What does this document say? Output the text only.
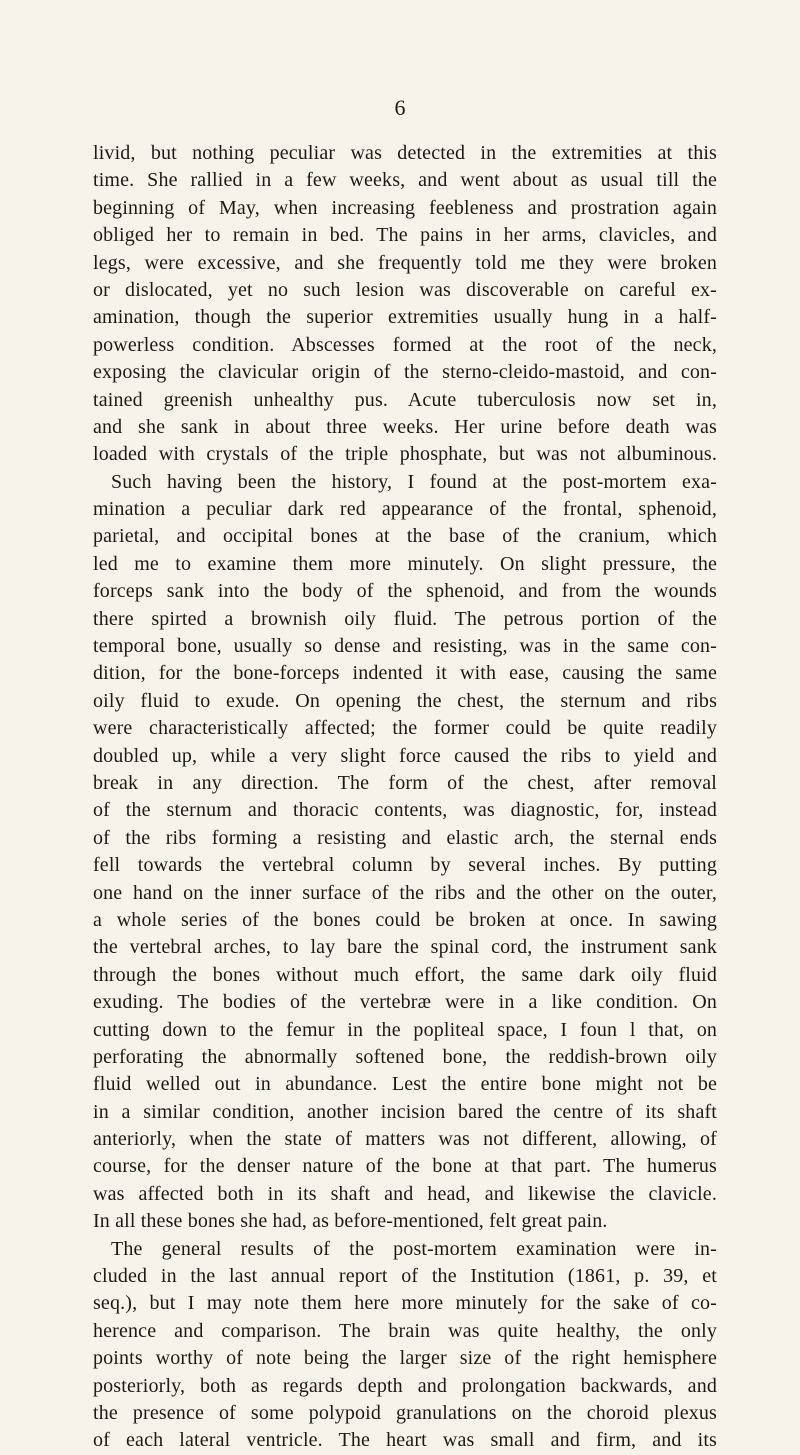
6
livid, but nothing peculiar was detected in the extremities at this
time. She rallied in a few weeks, and went about as usual till the
beginning of May, when increasing feebleness and prostration again
obliged her to remain in bed. The pains in her arms, clavicles, and
legs, were excessive, and she frequently told me they were broken
or dislocated, yet no such lesion was discoverable on careful ex-
amination, though the superior extremities usually hung in a half-
powerless condition. Abscesses formed at the root of the neck,
exposing the clavicular origin of the sterno-cleido-mastoid, and con-
tained greenish unhealthy pus. Acute tuberculosis now set in,
and she sank in about three weeks. Her urine before death was
loaded with crystals of the triple phosphate, but was not albuminous.
Such having been the history, I found at the post-mortem exa-
mination a peculiar dark red appearance of the frontal, sphenoid,
parietal, and occipital bones at the base of the cranium, which
led me to examine them more minutely. On slight pressure, the
forceps sank into the body of the sphenoid, and from the wounds
there spirted a brownish oily fluid. The petrous portion of the
temporal bone, usually so dense and resisting, was in the same con-
dition, for the bone-forceps indented it with ease, causing the same
oily fluid to exude. On opening the chest, the sternum and ribs
were characteristically affected; the former could be quite readily
doubled up, while a very slight force caused the ribs to yield and
break in any direction. The form of the chest, after removal
of the sternum and thoracic contents, was diagnostic, for, instead
of the ribs forming a resisting and elastic arch, the sternal ends
fell towards the vertebral column by several inches. By putting
one hand on the inner surface of the ribs and the other on the outer,
a whole series of the bones could be broken at once. In sawing
the vertebral arches, to lay bare the spinal cord, the instrument sank
through the bones without much effort, the same dark oily fluid
exuding. The bodies of the vertebræ were in a like condition. On
cutting down to the femur in the popliteal space, I foun l that, on
perforating the abnormally softened bone, the reddish-brown oily
fluid welled out in abundance. Lest the entire bone might not be
in a similar condition, another incision bared the centre of its shaft
anteriorly, when the state of matters was not different, allowing, of
course, for the denser nature of the bone at that part. The humerus
was affected both in its shaft and head, and likewise the clavicle.
In all these bones she had, as before-mentioned, felt great pain.
The general results of the post-mortem examination were in-
cluded in the last annual report of the Institution (1861, p. 39, et
seq.), but I may note them here more minutely for the sake of co-
herence and comparison. The brain was quite healthy, the only
points worthy of note being the larger size of the right hemisphere
posteriorly, both as regards depth and prolongation backwards, and
the presence of some polypoid granulations on the choroid plexus
of each lateral ventricle. The heart was small and firm, and its
